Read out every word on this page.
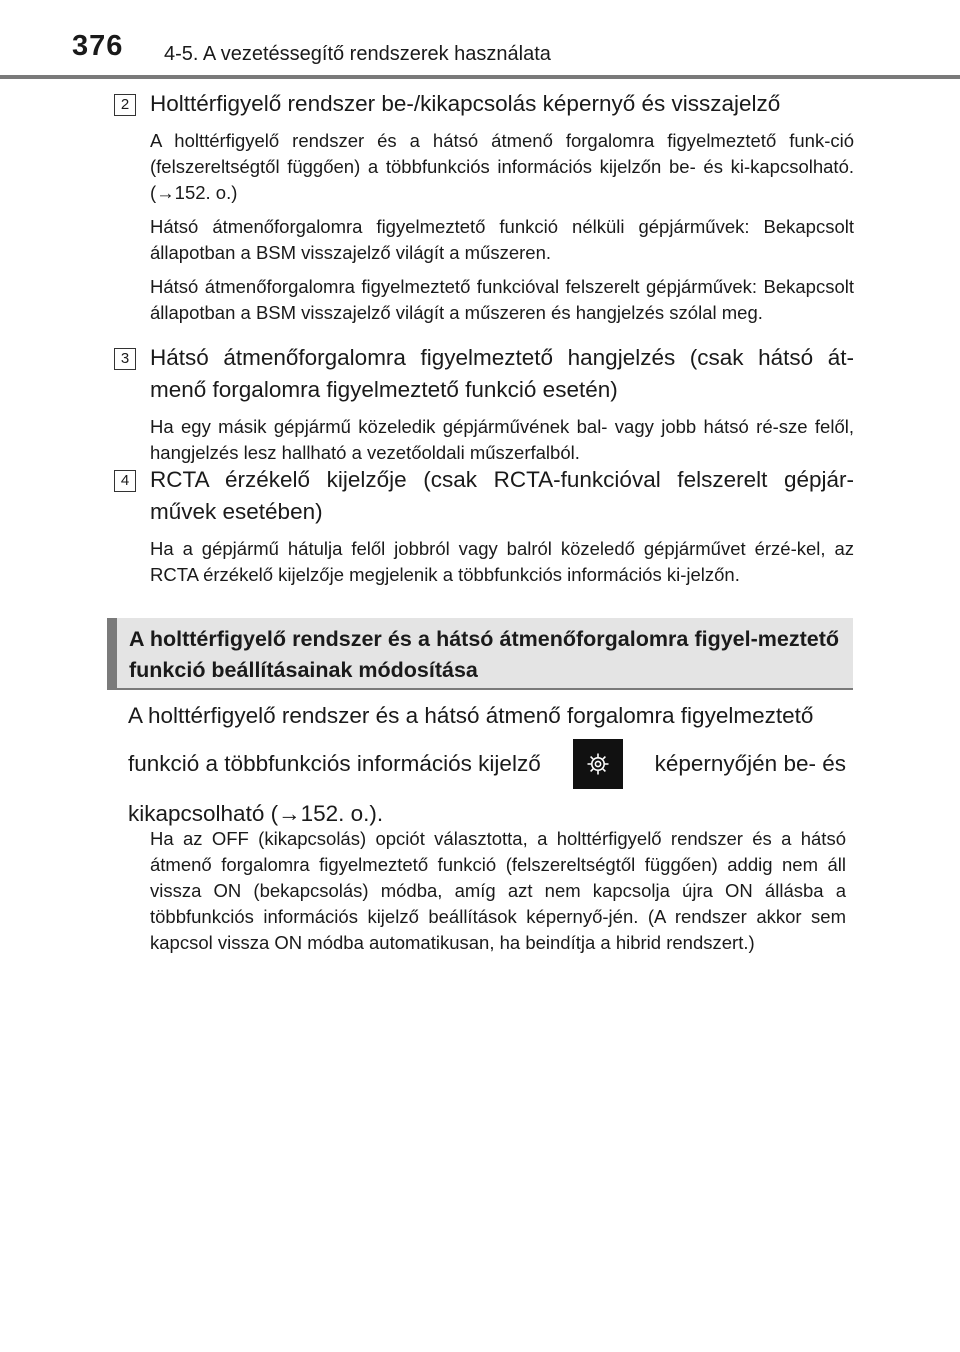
376 4-5. A vezetéssegítő rendszerek használata
2 Holttérfigyelő rendszer be-/kikapcsolás képernyő és visszajelző

A holttérfigyelő rendszer és a hátsó átmenő forgalomra figyelmeztető funk-ció (felszereltségtől függően) a többfunkciós információs kijelzőn be- és ki-kapcsolható. (→152. o.)

Hátsó átmenőforgalomra figyelmeztető funkció nélküli gépjárművek: Bekapcsolt állapotban a BSM visszajelző világít a műszeren.

Hátsó átmenőforgalomra figyelmeztető funkcióval felszerelt gépjárművek: Bekapcsolt állapotban a BSM visszajelző világít a műszeren és hangjelzés szólal meg.

3 Hátsó átmenőforgalomra figyelmeztető hangjelzés (csak hátsó át-menő forgalomra figyelmeztető funkció esetén)

Ha egy másik gépjármű közeledik gépjárművének bal- vagy jobb hátsó ré-sze felől, hangjelzés lesz hallható a vezetőoldali műszerfalból.

4 RCTA érzékelő kijelzője (csak RCTA-funkcióval felszerelt gépjár-művek esetében)

Ha a gépjármű hátulja felől jobbról vagy balról közeledő gépjárművet érzé-kel, az RCTA érzékelő kijelzője megjelenik a többfunkciós információs ki-jelzőn.

A holttérfigyelő rendszer és a hátsó átmenőforgalomra figyel-meztető funkció beállításainak módosítása
A holttérfigyelő rendszer és a hátsó átmenő forgalomra figyelmeztető
funkció a többfunkciós információs kijelző	képernyőjén be- és
kikapcsolható (→152. o.).
Ha az OFF (kikapcsolás) opciót választotta, a holttérfigyelő rendszer és a hátsó átmenő forgalomra figyelmeztető funkció (felszereltségtől függően) addig nem áll vissza ON (bekapcsolás) módba, amíg azt nem kapcsolja újra ON állásba a többfunkciós információs kijelző beállítások képernyő-jén. (A rendszer akkor sem kapcsol vissza ON módba automatikusan, ha beindítja a hibrid rendszert.)
